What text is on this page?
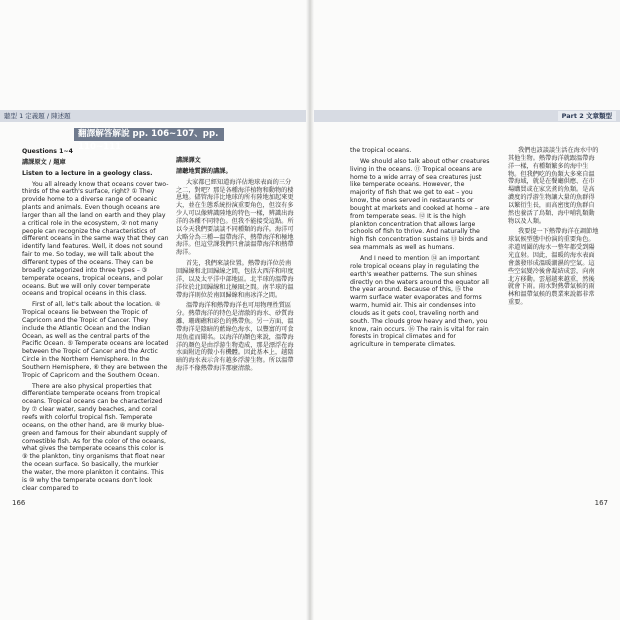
聽型 1 定義題 / 陳述題	Part 2 文章類型
翻譯解答解說 pp. 106~107、pp. 110~111

Questions 1~4

講課原文 / 題庫

Listen to a lecture in a geology class.

You all already know that oceans cover two-thirds of the earth's surface, right? ① They provide home to a diverse range of oceanic plants and animals. Even though oceans are larger than all the land on earth and they play a critical role in the ecosystem, ② not many people can recognize the characteristics of different oceans in the same way that they can identify land features. Well, it does not sound fair to me. So today, we will talk about the different types of the oceans. They can be broadly categorized into three types – ③ temperate oceans, tropical oceans, and polar oceans. But we will only cover temperate oceans and tropical oceans in this class.

First of all, let's talk about the location. ④ Tropical oceans lie between the Tropic of Capricorn and the Tropic of Cancer. They include the Atlantic Ocean and the Indian Ocean, as well as the central parts of the Pacific Ocean. ⑤ Temperate oceans are located between the Tropic of Cancer and the Arctic Circle in the Northern Hemisphere. In the Southern Hemisphere, ⑥ they are between the Tropic of Capricorn and the Southern Ocean.

There are also physical properties that differentiate temperate oceans from tropical oceans. Tropical oceans can be characterized by ⑦ clear water, sandy beaches, and coral reefs with colorful tropical fish. Temperate oceans, on the other hand, are ⑧ murky blue-green and famous for their abundant supply of comestible fish. As for the color of the oceans, what gives the temperate oceans this color is ⑨ the plankton, tiny organisms that float near the ocean surface. So basically, the murkier the water, the more plankton it contains. This is ⑩ why the temperate oceans don't look clear compared to

講課譯文

請聽地質課的講課。

大家都已經知道海洋佔地球表面的三分之二，對吧？那是各種海洋植物和動物的棲息地。儘管海洋比地球的所有陸地加起來更大，並在生態系統扮演重要角色，但沒有多少人可以像辨識陸地的特色一樣，辨識出海洋的各種不同特色。但我不能接受這點。所以今天我們要談談不同種類的海洋。海洋可大略分為三種—溫帶海洋、熱帶海洋和極地海洋。但這堂課我們只會談溫帶海洋和熱帶海洋。

首先，我們來談位置。熱帶海洋位於南回歸線和北回歸線之間，包括大西洋和印度洋，以及太平洋中部地區。北半球的溫帶海洋位於北回歸線和北極圈之間。南半球的溫帶海洋則位於南回歸線和南冰洋之間。

溫帶海洋和熱帶海洋也可用物理性質區分。熱帶海洋的特色是清澈的海水、砂質海灘、珊瑚礁和彩色的熱帶魚。另一方面，溫帶海洋是陰暗的藍綠色海水，以豐富的可食用魚產而聞名。以海洋的顏色來說，溫帶海洋的顏色是由浮游生物造成，那是漂浮在海水面附近的微小有機體。因此基本上，越陰暗的海水表示含有越多浮游生物。所以溫帶海洋不像熱帶海洋那麼清澈。

the tropical oceans.

We should also talk about other creatures living in the oceans. ⑪ Tropical oceans are home to a wide array of sea creatures just like temperate oceans. However, the majority of fish that we get to eat – you know, the ones served in restaurants or bought at markets and cooked at home – are from temperate seas. ⑫ It is the high plankton concentration that allows large schools of fish to thrive. And naturally the high fish concentration sustains ⑬ birds and sea mammals as well as humans.

And I need to mention ⑭ an important role tropical oceans play in regulating the earth's weather patterns. The sun shines directly on the waters around the equator all the year around. Because of this, ⑮ the warm surface water evaporates and forms warm, humid air. This air condenses into clouds as it gets cool, traveling north and south. The clouds grow heavy and then, you know, rain occurs. ⑯ The rain is vital for rain forests in tropical climates and for agriculture in temperate climates.

我們也該談談生活在海水中的其他生物。熱帶海洋就跟溫帶海洋一樣，有種類繁多的海中生物。但我們吃的魚類大多來自溫帶海域，就是在餐廳供應、在市場購買或在家烹煮的魚類。是高濃度的浮游生物讓大量的魚群得以繁衍生長，而高密度的魚群自然也養活了鳥類、海中哺乳類動物以及人類。

我要提一下熱帶海洋在調節地球氣候型態中扮演的重要角色。赤道周圍的海水一整年都受到陽光直射。因此，溫暖的海水表面會蒸發形成溫暖潮濕的空氣。這些空氣變冷後會凝結成雲，向南北方移動。雲層越來越重，然後就會下雨。雨水對熱帶氣候的雨林和溫帶氣候的農業來說都非常重要。

166	167
